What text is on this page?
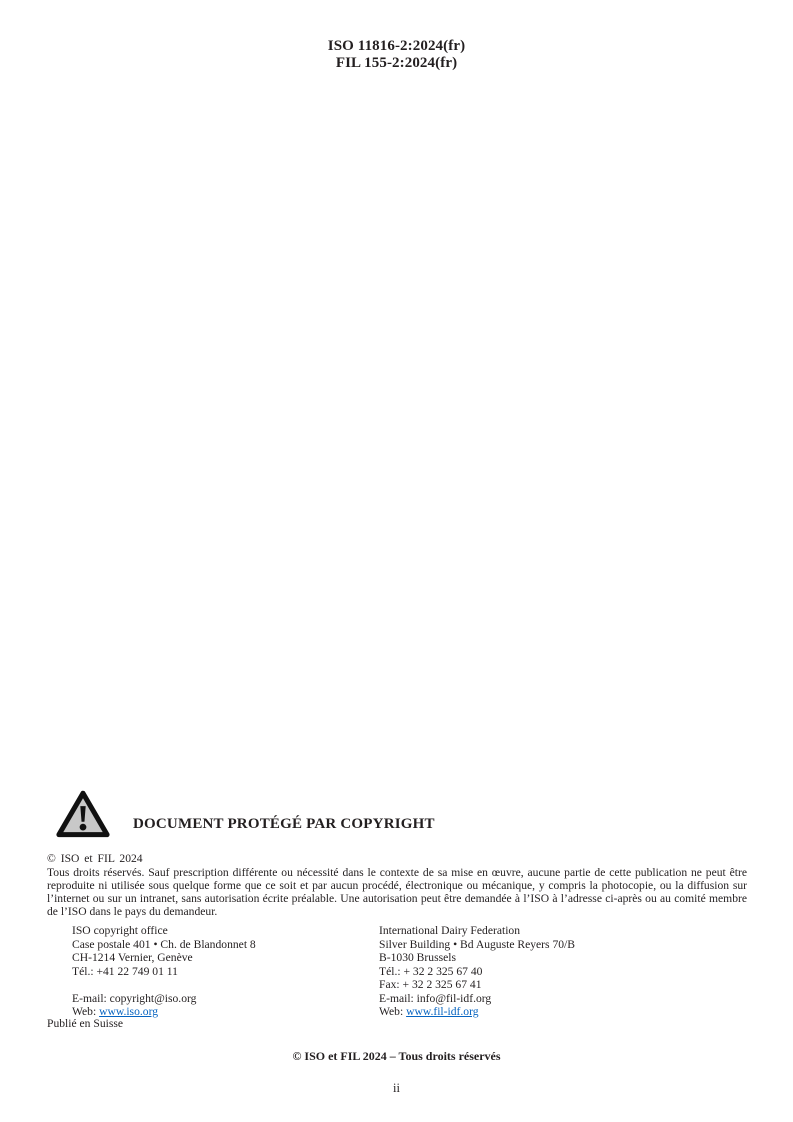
ISO 11816-2:2024(fr)
FIL 155-2:2024(fr)
DOCUMENT PROTÉGÉ PAR COPYRIGHT
© ISO et FIL 2024
Tous droits réservés. Sauf prescription différente ou nécessité dans le contexte de sa mise en œuvre, aucune partie de cette publication ne peut être reproduite ni utilisée sous quelque forme que ce soit et par aucun procédé, électronique ou mécanique, y compris la photocopie, ou la diffusion sur l’internet ou sur un intranet, sans autorisation écrite préalable. Une autorisation peut être demandée à l’ISO à l’adresse ci-après ou au comité membre de l’ISO dans le pays du demandeur.
ISO copyright office
Case postale 401 • Ch. de Blandonnet 8
CH-1214 Vernier, Genève
Tél.: +41 22 749 01 11
E-mail: copyright@iso.org
Web: www.iso.org
International Dairy Federation
Silver Building • Bd Auguste Reyers 70/B
B-1030 Brussels
Tél.: + 32 2 325 67 40
Fax: + 32 2 325 67 41
E-mail: info@fil-idf.org
Web: www.fil-idf.org
Publié en Suisse
© ISO et FIL 2024 – Tous droits réservés
ii
